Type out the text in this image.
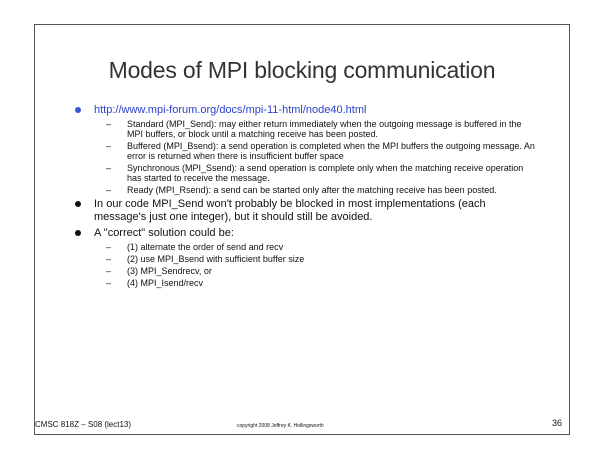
Modes of MPI blocking communication
http://www.mpi-forum.org/docs/mpi-11-html/node40.html
– Standard (MPI_Send): may either return immediately when the outgoing message is buffered in the MPI buffers, or block until a matching receive has been posted.
– Buffered (MPI_Bsend): a send operation is completed when the MPI buffers the outgoing message. An error is returned when there is insufficient buffer space
– Synchronous (MPI_Ssend): a send operation is complete only when the matching receive operation has started to receive the message.
– Ready (MPI_Rsend): a send can be started only after the matching receive has been posted.
In our code MPI_Send won't probably be blocked in most implementations (each message's just one integer), but it should still be avoided.
A "correct" solution could be:
– (1) alternate the order of send and recv
– (2) use MPI_Bsend with sufficient buffer size
– (3) MPI_Sendrecv, or
– (4) MPI_Isend/recv
CMSC 818Z – S08 (lect13)	copyright 2008 Jeffrey K. Hollingsworth	36
